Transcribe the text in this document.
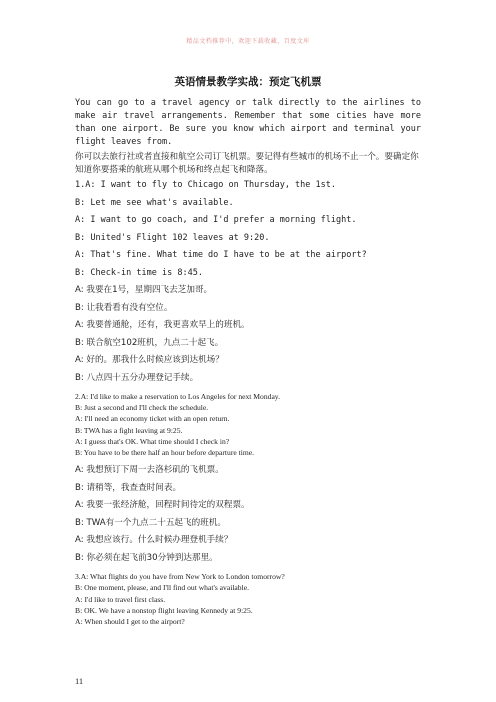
精品文档推荐中，欢迎下载收藏，百度文库
英语情景教学实战：预定飞机票

You can go to a travel agency or talk directly to the airlines to make air travel arrangements. Remember that some cities have more than one airport. Be sure you know which airport and terminal your flight leaves from.

你可以去旅行社或者直接和航空公司订飞机票。要记得有些城市的机场不止一个。要确定你知道你要搭乘的航班从哪个机场和终点起飞和降落。

1.A: I want to fly to Chicago on Thursday, the 1st.
B: Let me see what's available.
A: I want to go coach, and I'd prefer a morning flight.
B: United's Flight 102 leaves at 9:20.
A: That's fine. What time do I have to be at the airport?
B: Check-in time is 8:45.
A: 我要在1号，星期四飞去芝加哥。
B: 让我看看有没有空位。
A: 我要普通舱，还有，我更喜欢早上的班机。
B: 联合航空102班机，九点二十起飞。
A: 好的。那我什么时候应该到达机场？
B: 八点四十五分办理登记手续。
2.A: I'd like to make a reservation to Los Angeles for next Monday.
B: Just a second and I'll check the schedule.
A: I'll need an economy ticket with an open return.
B: TWA has a fight leaving at 9:25.
A: I guess that's OK. What time should I check in?
B: You have to be there half an hour before departure time.
A: 我想预订下周一去洛杉矶的飞机票。
B: 请稍等，我查查时间表。
A: 我要一张经济舱，回程时间待定的双程票。
B: TWA有一个九点二十五起飞的班机。
A: 我想应该行。什么时候办理登机手续？
B: 你必须在起飞前30分钟到达那里。
3.A: What flights do you have from New York to London tomorrow?
B: One moment, please, and I'll find out what's available.
A: I'd like to travel first class.
B: OK. We have a nonstop flight leaving Kennedy at 9:25.
A: When should I get to the airport?
11
